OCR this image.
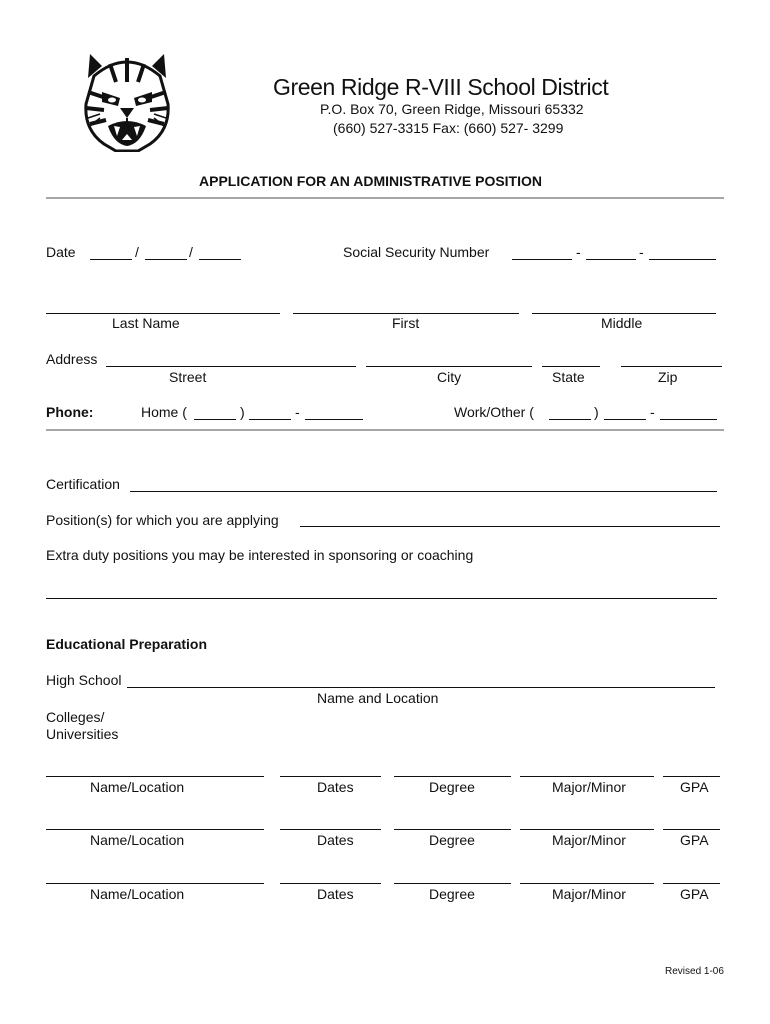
Green Ridge R-VIII School District
P.O. Box 70, Green Ridge, Missouri 65332
(660) 527-3315 Fax: (660) 527- 3299
APPLICATION FOR AN ADMINISTRATIVE POSITION
Date	/	/	Social Security Number	-	-
Last Name	First	Middle
Address
Street	City	State	Zip
Phone:	Home (	)	-	Work/Other (	)	-
Certification
Position(s) for which you are applying
Extra duty positions you may be interested in sponsoring or coaching
Educational Preparation
High School
Name and Location
Colleges/
Universities
Name/Location	Dates	Degree	Major/Minor	GPA
Name/Location	Dates	Degree	Major/Minor	GPA
Name/Location	Dates	Degree	Major/Minor	GPA
Revised 1-06
